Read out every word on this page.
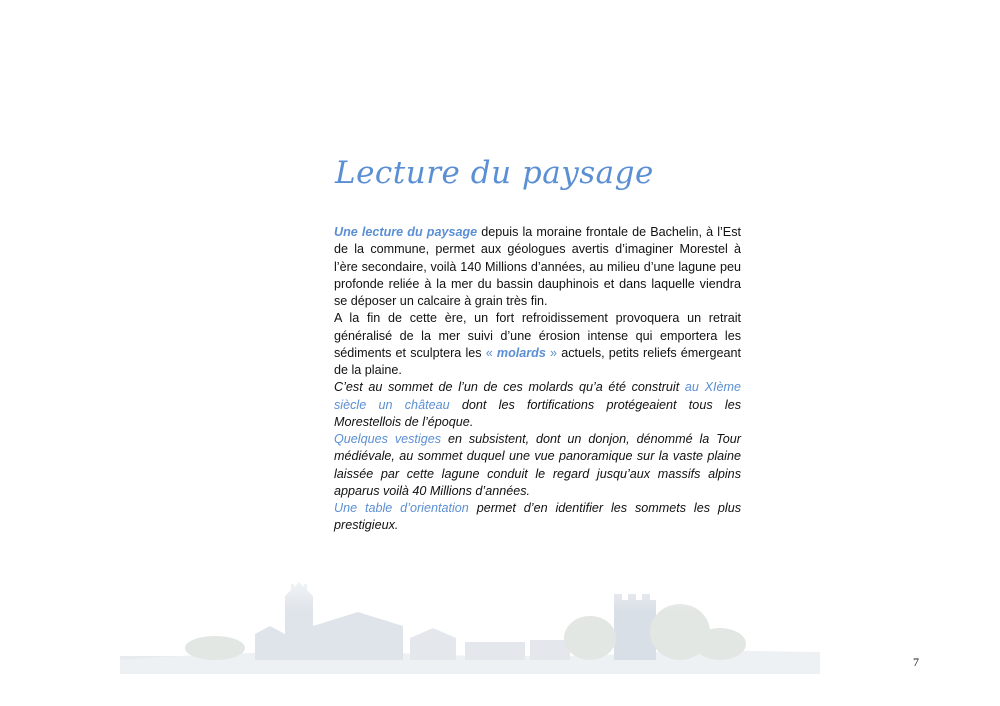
Lecture du paysage

Une lecture du paysage depuis la moraine frontale de Bachelin, à l’Est de la commune, permet aux géologues avertis d’imaginer Morestel à l’ère secondaire, voilà 140 Millions d’années, au milieu d’une lagune peu profonde reliée à la mer du bassin dauphinois et dans laquelle viendra se déposer un calcaire à grain très fin.

A la fin de cette ère, un fort refroidissement provoquera un retrait généralisé de la mer suivi d’une érosion intense qui emportera les sédiments et sculptera les « molards » actuels, petits reliefs émergeant de la plaine.

C’est au sommet de l’un de ces molards qu’a été construit au XIème siècle un château dont les fortifications protégeaient tous les Morestellois de l’époque.

Quelques vestiges en subsistent, dont un donjon, dénommé la Tour médiévale, au sommet duquel une vue panoramique sur la vaste plaine laissée par cette lagune conduit le regard jusqu’aux massifs alpins apparus voilà 40 Millions d’années.

Une table d’orientation permet d’en identifier les sommets les plus prestigieux.

7
